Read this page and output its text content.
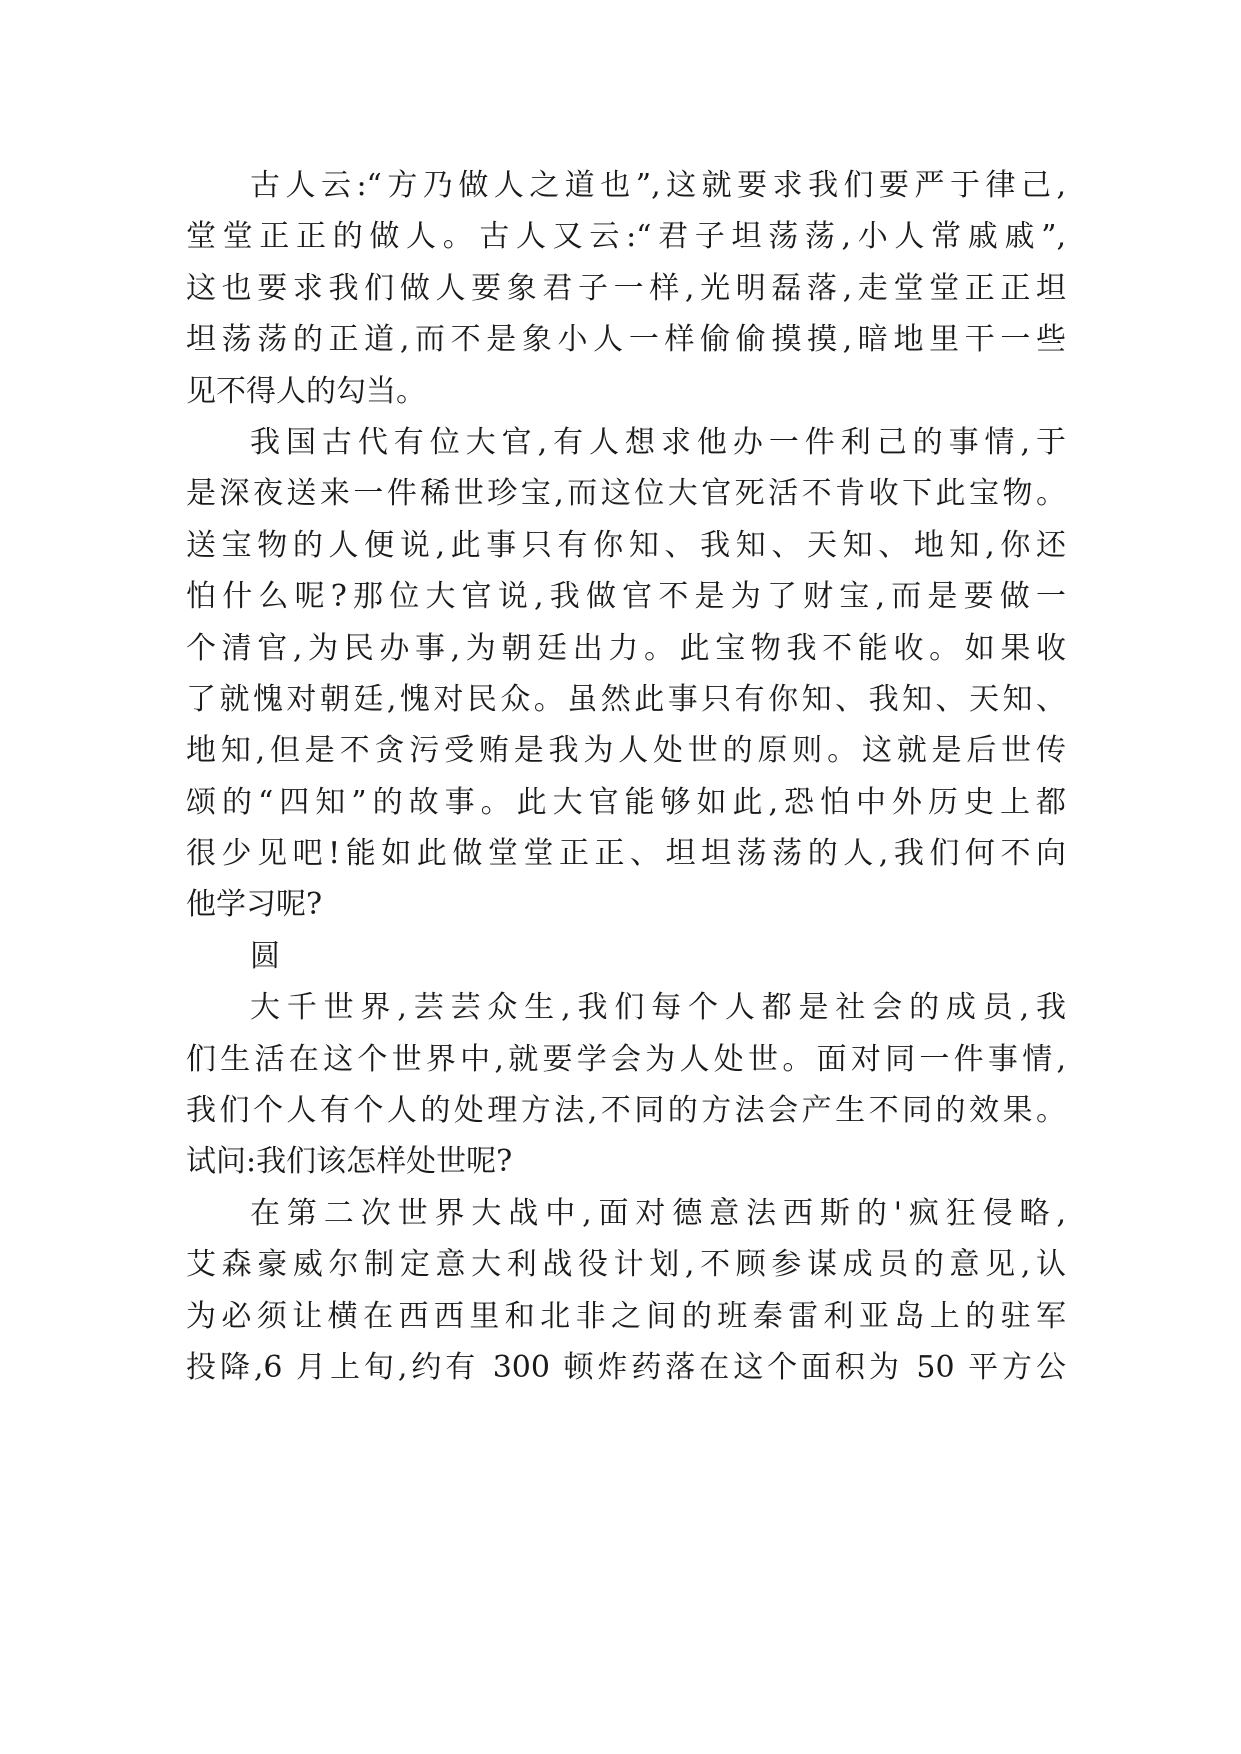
古人云:“方乃做人之道也”,这就要求我们要严于律己,
堂堂正正的做人。古人又云:“君子坦荡荡,小人常戚戚”,
这也要求我们做人要象君子一样,光明磊落,走堂堂正正坦
坦荡荡的正道,而不是象小人一样偷偷摸摸,暗地里干一些
见不得人的勾当。
我国古代有位大官,有人想求他办一件利己的事情,于
是深夜送来一件稀世珍宝,而这位大官死活不肯收下此宝物。
送宝物的人便说,此事只有你知、我知、天知、地知,你还
怕什么呢?那位大官说,我做官不是为了财宝,而是要做一
个清官,为民办事,为朝廷出力。此宝物我不能收。如果收
了就愧对朝廷,愧对民众。虽然此事只有你知、我知、天知、
地知,但是不贪污受贿是我为人处世的原则。这就是后世传
颂的“四知”的故事。此大官能够如此,恐怕中外历史上都
很少见吧!能如此做堂堂正正、坦坦荡荡的人,我们何不向
他学习呢?
圆
大千世界,芸芸众生,我们每个人都是社会的成员,我
们生活在这个世界中,就要学会为人处世。面对同一件事情,
我们个人有个人的处理方法,不同的方法会产生不同的效果。
试问:我们该怎样处世呢?
在第二次世界大战中,面对德意法西斯的'疯狂侵略,
艾森豪威尔制定意大利战役计划,不顾参谋成员的意见,认
为必须让横在西西里和北非之间的班秦雷利亚岛上的驻军
投降,6 月上旬,约有 300 顿炸药落在这个面积为 50 平方公
